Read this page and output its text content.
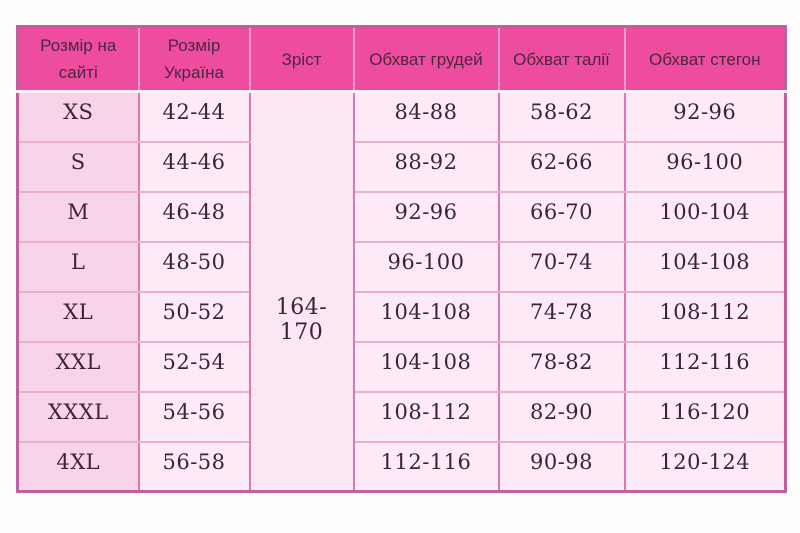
Розмір на сайті	Розмір Україна	Зріст	Обхват грудей	Обхват талії	Обхват стегон
XS	42-44	164-170	84-88	58-62	92-96
S	44-46		88-92	62-66	96-100
M	46-48		92-96	66-70	100-104
L	48-50		96-100	70-74	104-108
XL	50-52		104-108	74-78	108-112
XXL	52-54		104-108	78-82	112-116
XXXL	54-56		108-112	82-90	116-120
4XL	56-58		112-116	90-98	120-124
